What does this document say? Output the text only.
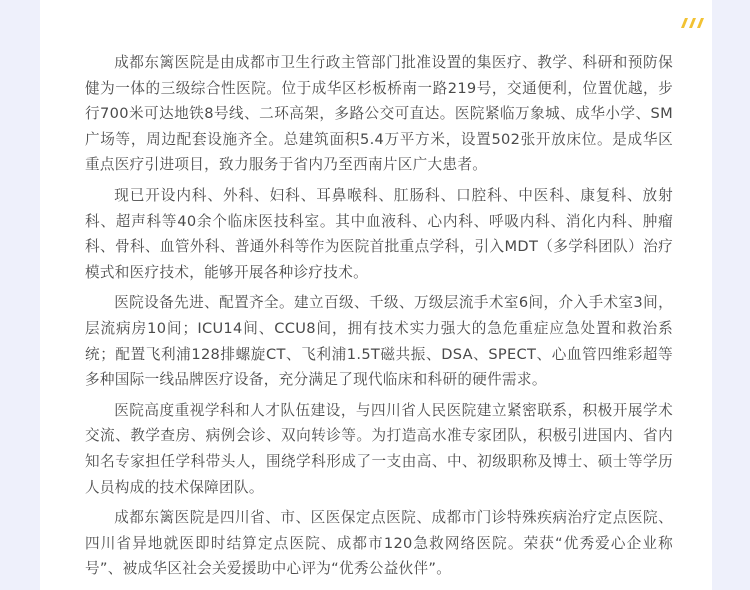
成都东篱医院是由成都市卫生行政主管部门批准设置的集医疗、教学、科研和预防保健为一体的三级综合性医院。位于成华区杉板桥南一路219号，交通便利，位置优越，步行700米可达地铁8号线、二环高架，多路公交可直达。医院紧临万象城、成华小学、SM广场等，周边配套设施齐全。总建筑面积5.4万平方米，设置502张开放床位。是成华区重点医疗引进项目，致力服务于省内乃至西南片区广大患者。

现已开设内科、外科、妇科、耳鼻喉科、肛肠科、口腔科、中医科、康复科、放射科、超声科等40余个临床医技科室。其中血液科、心内科、呼吸内科、消化内科、肿瘤科、骨科、血管外科、普通外科等作为医院首批重点学科，引入MDT（多学科团队）治疗模式和医疗技术，能够开展各种诊疗技术。

医院设备先进、配置齐全。建立百级、千级、万级层流手术室6间，介入手术室3间，层流病房10间；ICU14间、CCU8间，拥有技术实力强大的急危重症应急处置和救治系统；配置飞利浦128排螺旋CT、飞利浦1.5T磁共振、DSA、SPECT、心血管四维彩超等多种国际一线品牌医疗设备，充分满足了现代临床和科研的硬件需求。

医院高度重视学科和人才队伍建设，与四川省人民医院建立紧密联系，积极开展学术交流、教学查房、病例会诊、双向转诊等。为打造高水准专家团队，积极引进国内、省内知名专家担任学科带头人，围绕学科形成了一支由高、中、初级职称及博士、硕士等学历人员构成的技术保障团队。

成都东篱医院是四川省、市、区医保定点医院、成都市门诊特殊疾病治疗定点医院、四川省异地就医即时结算定点医院、成都市120急救网络医院。荣获“优秀爱心企业称号”、被成华区社会关爱援助中心评为“优秀公益伙伴”。
